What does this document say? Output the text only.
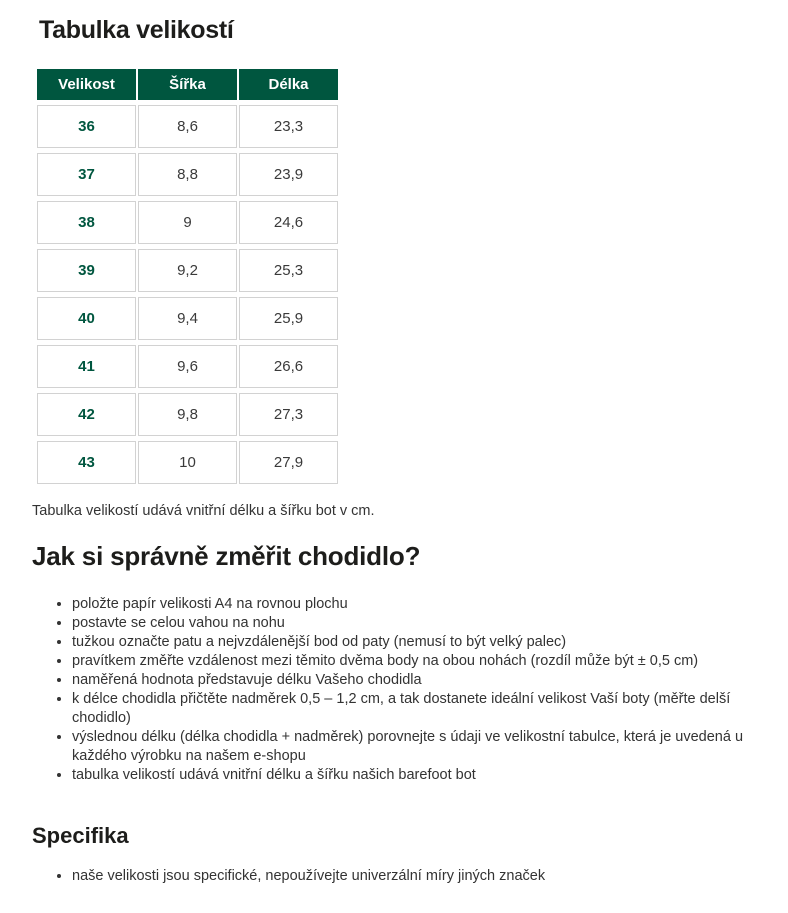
Tabulka velikostí
Velikost	Šířka	Délka
36	8,6	23,3
37	8,8	23,9
38	9	24,6
39	9,2	25,3
40	9,4	25,9
41	9,6	26,6
42	9,8	27,3
43	10	27,9

Tabulka velikostí udává vnitřní délku a šířku bot v cm.

Jak si správně změřit chodidlo?
• položte papír velikosti A4 na rovnou plochu
• postavte se celou vahou na nohu
• tužkou označte patu a nejvzdálenější bod od paty (nemusí to být velký palec)
• pravítkem změřte vzdálenost mezi těmito dvěma body na obou nohách (rozdíl může být ± 0,5 cm)
• naměřená hodnota představuje délku Vašeho chodidla
• k délce chodidla přičtěte nadměrek 0,5 – 1,2 cm, a tak dostanete ideální velikost Vaší boty (měřte delší chodidlo)
• výslednou délku (délka chodidla + nadměrek) porovnejte s údaji ve velikostní tabulce, která je uvedená u každého výrobku na našem e-shopu
• tabulka velikostí udává vnitřní délku a šířku našich barefoot bot
Specifika
• naše velikosti jsou specifické, nepoužívejte univerzální míry jiných značek
